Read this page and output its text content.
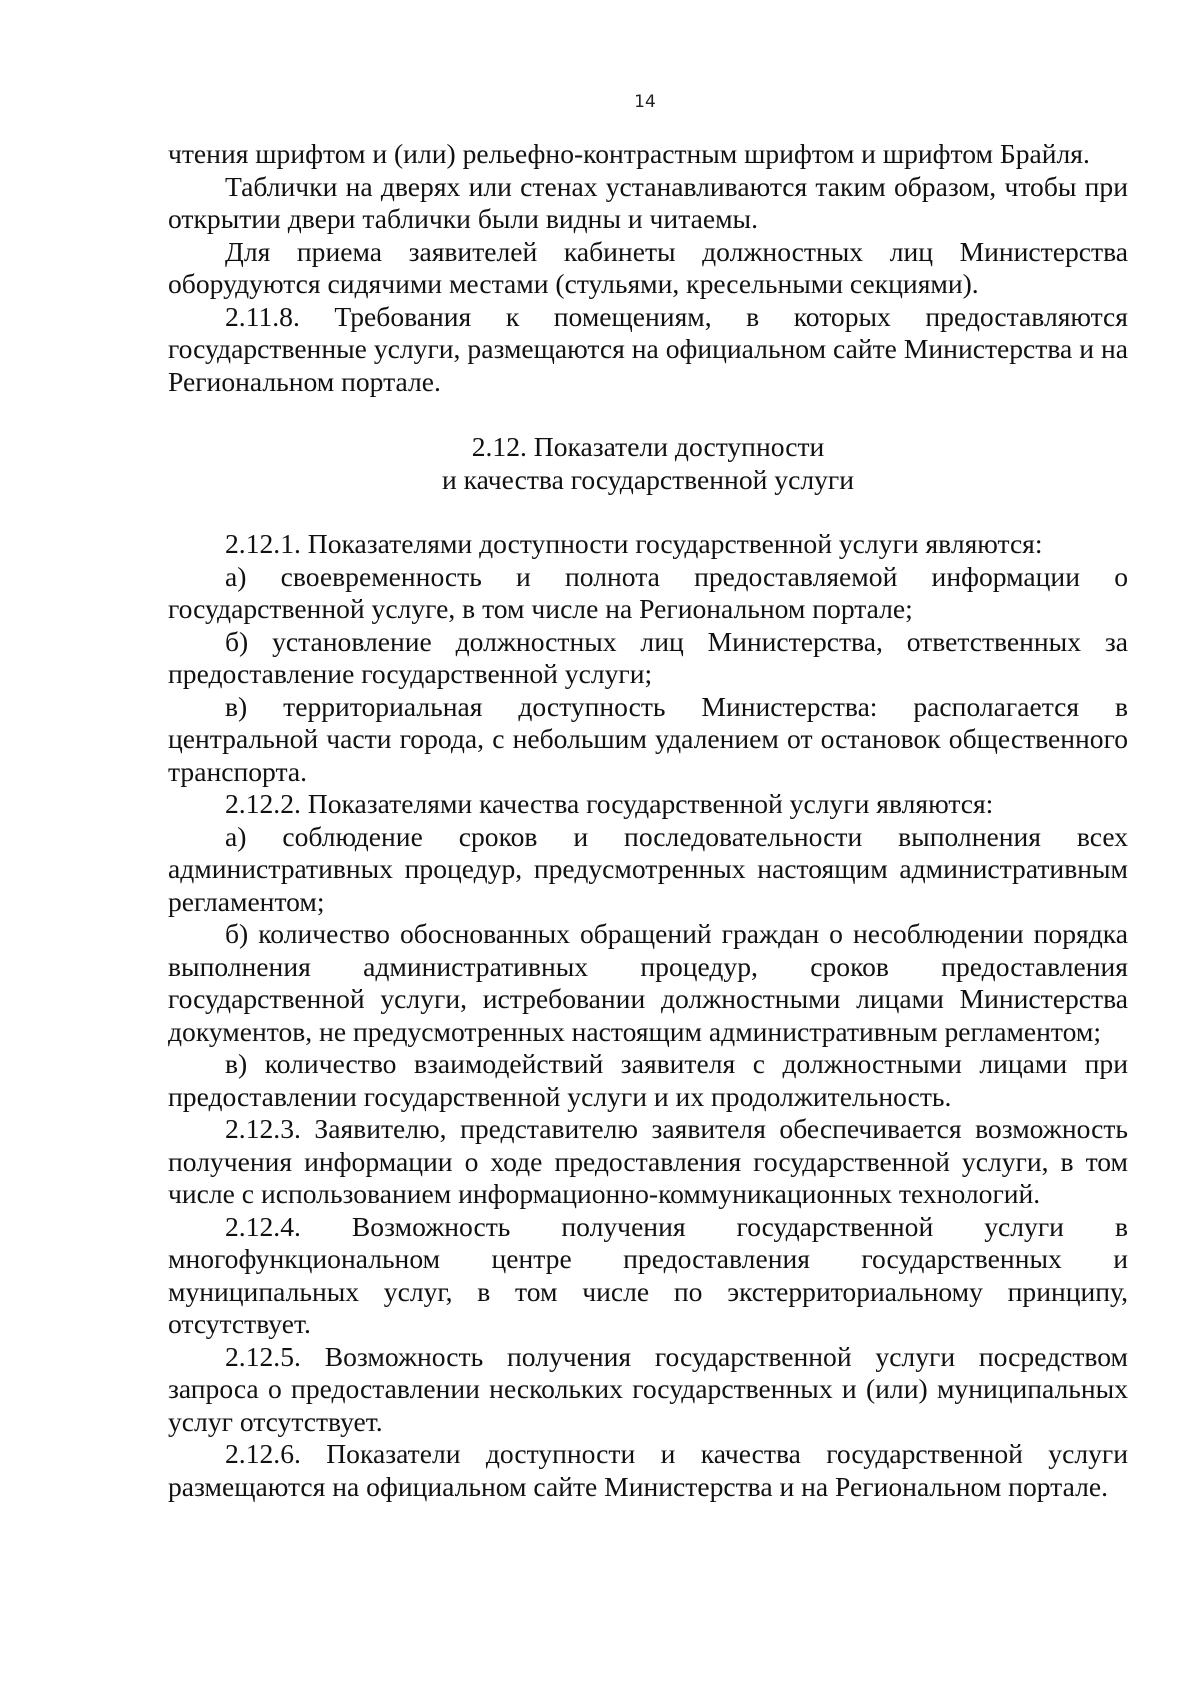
14

чтения шрифтом и (или) рельефно-контрастным шрифтом и шрифтом Брайля.

Таблички на дверях или стенах устанавливаются таким образом, чтобы при открытии двери таблички были видны и читаемы.

Для приема заявителей кабинеты должностных лиц Министерства оборудуются сидячими местами (стульями, кресельными секциями).

2.11.8. Требования к помещениям, в которых предоставляются государственные услуги, размещаются на официальном сайте Министерства и на Региональном портале.

2.12. Показатели доступности
и качества государственной услуги

2.12.1. Показателями доступности государственной услуги являются:

а) своевременность и полнота предоставляемой информации о государственной услуге, в том числе на Региональном портале;

б) установление должностных лиц Министерства, ответственных за предоставление государственной услуги;

в) территориальная доступность Министерства: располагается в центральной части города, с небольшим удалением от остановок общественного транспорта.

2.12.2. Показателями качества государственной услуги являются:

а) соблюдение сроков и последовательности выполнения всех административных процедур, предусмотренных настоящим административным регламентом;

б) количество обоснованных обращений граждан о несоблюдении порядка выполнения административных процедур, сроков предоставления государственной услуги, истребовании должностными лицами Министерства документов, не предусмотренных настоящим административным регламентом;

в) количество взаимодействий заявителя с должностными лицами при предоставлении государственной услуги и их продолжительность.

2.12.3. Заявителю, представителю заявителя обеспечивается возможность получения информации о ходе предоставления государственной услуги, в том числе с использованием информационно-коммуникационных технологий.

2.12.4. Возможность получения государственной услуги в многофункциональном центре предоставления государственных и муниципальных услуг, в том числе по экстерриториальному принципу, отсутствует.

2.12.5. Возможность получения государственной услуги посредством запроса о предоставлении нескольких государственных и (или) муниципальных услуг отсутствует.

2.12.6. Показатели доступности и качества государственной услуги размещаются на официальном сайте Министерства и на Региональном портале.
